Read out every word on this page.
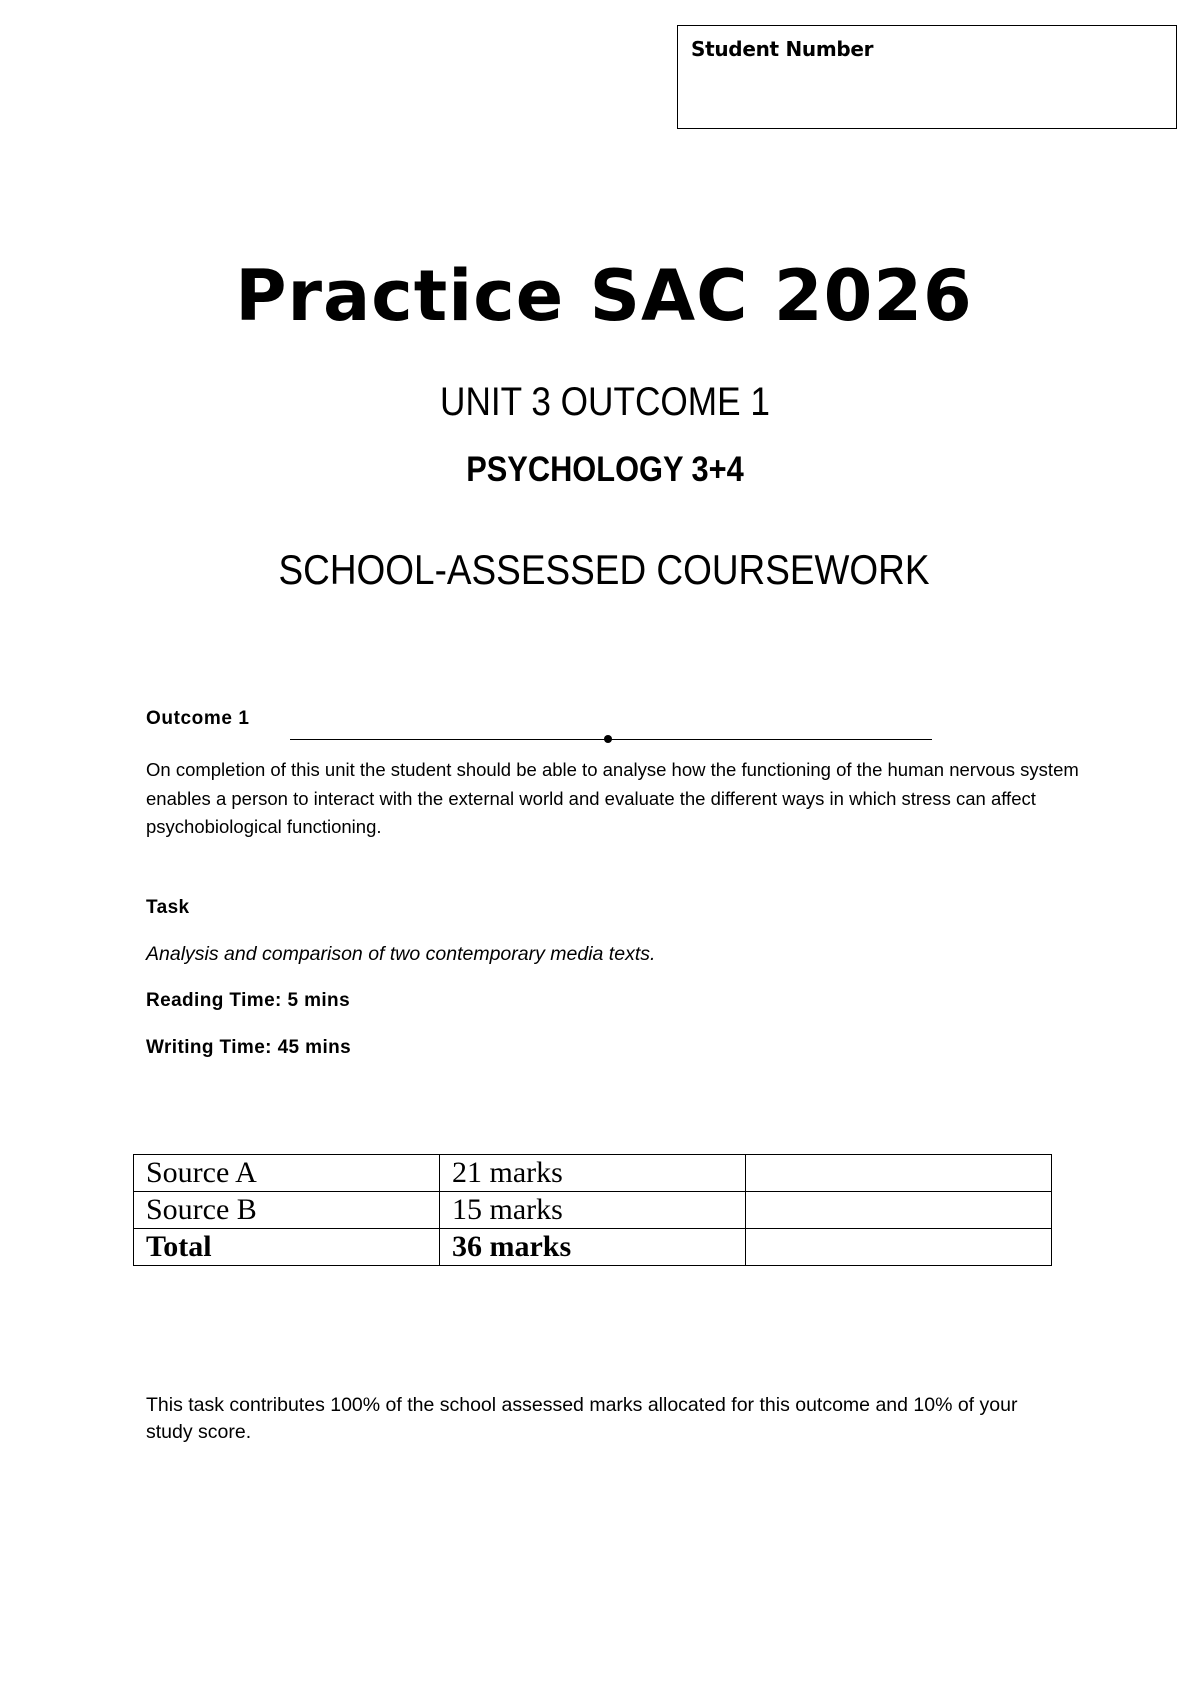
Student Number
Practice SAC 2026
UNIT 3 OUTCOME 1
PSYCHOLOGY 3+4
SCHOOL-ASSESSED COURSEWORK
Outcome 1
On completion of this unit the student should be able to analyse how the functioning of the human nervous system enables a person to interact with the external world and evaluate the different ways in which stress can affect psychobiological functioning.
Task
Analysis and comparison of two contemporary media texts.
Reading Time: 5 mins
Writing Time: 45 mins
Source A	21 marks	
Source B	15 marks	
Total	36 marks	
This task contributes 100% of the school assessed marks allocated for this outcome and 10% of your study score.
